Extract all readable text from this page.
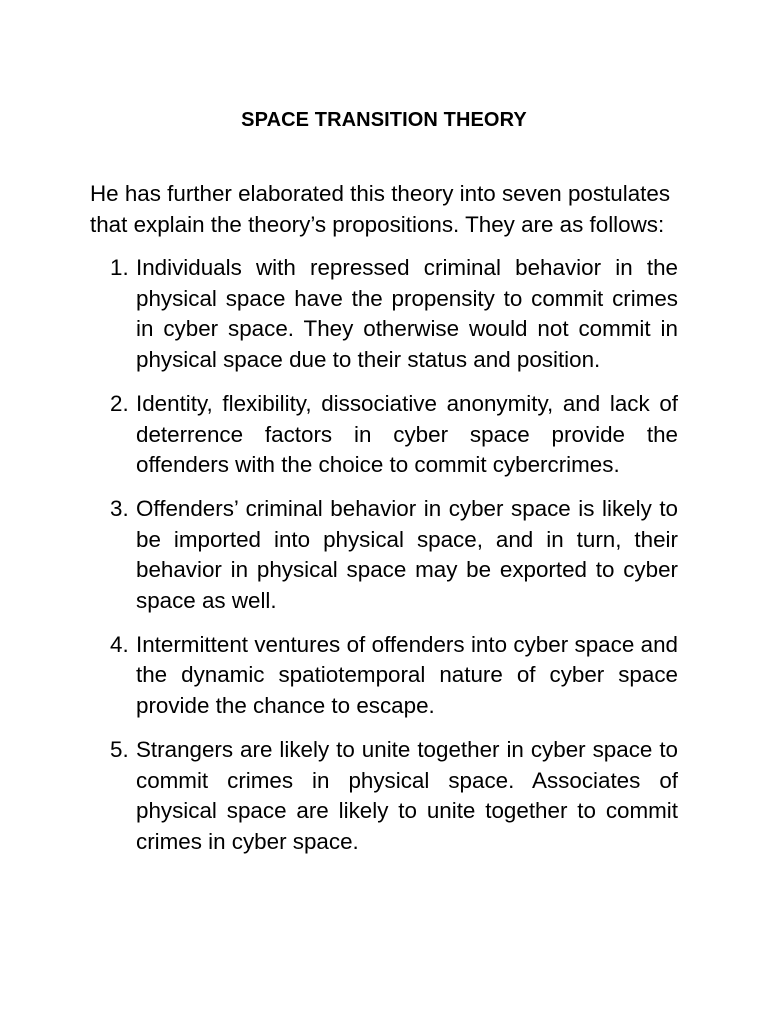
SPACE TRANSITION THEORY

He has further elaborated this theory into seven postulates that explain the theory’s propositions. They are as follows:

1. Individuals with repressed criminal behavior in the physical space have the propensity to commit crimes in cyber space. They otherwise would not commit in physical space due to their status and position.
2. Identity, flexibility, dissociative anonymity, and lack of deterrence factors in cyber space provide the offenders with the choice to commit cybercrimes.
3. Offenders’ criminal behavior in cyber space is likely to be imported into physical space, and in turn, their behavior in physical space may be exported to cyber space as well.
4. Intermittent ventures of offenders into cyber space and the dynamic spatiotemporal nature of cyber space provide the chance to escape.
5. Strangers are likely to unite together in cyber space to commit crimes in physical space. Associates of physical space are likely to unite together to commit crimes in cyber space.
